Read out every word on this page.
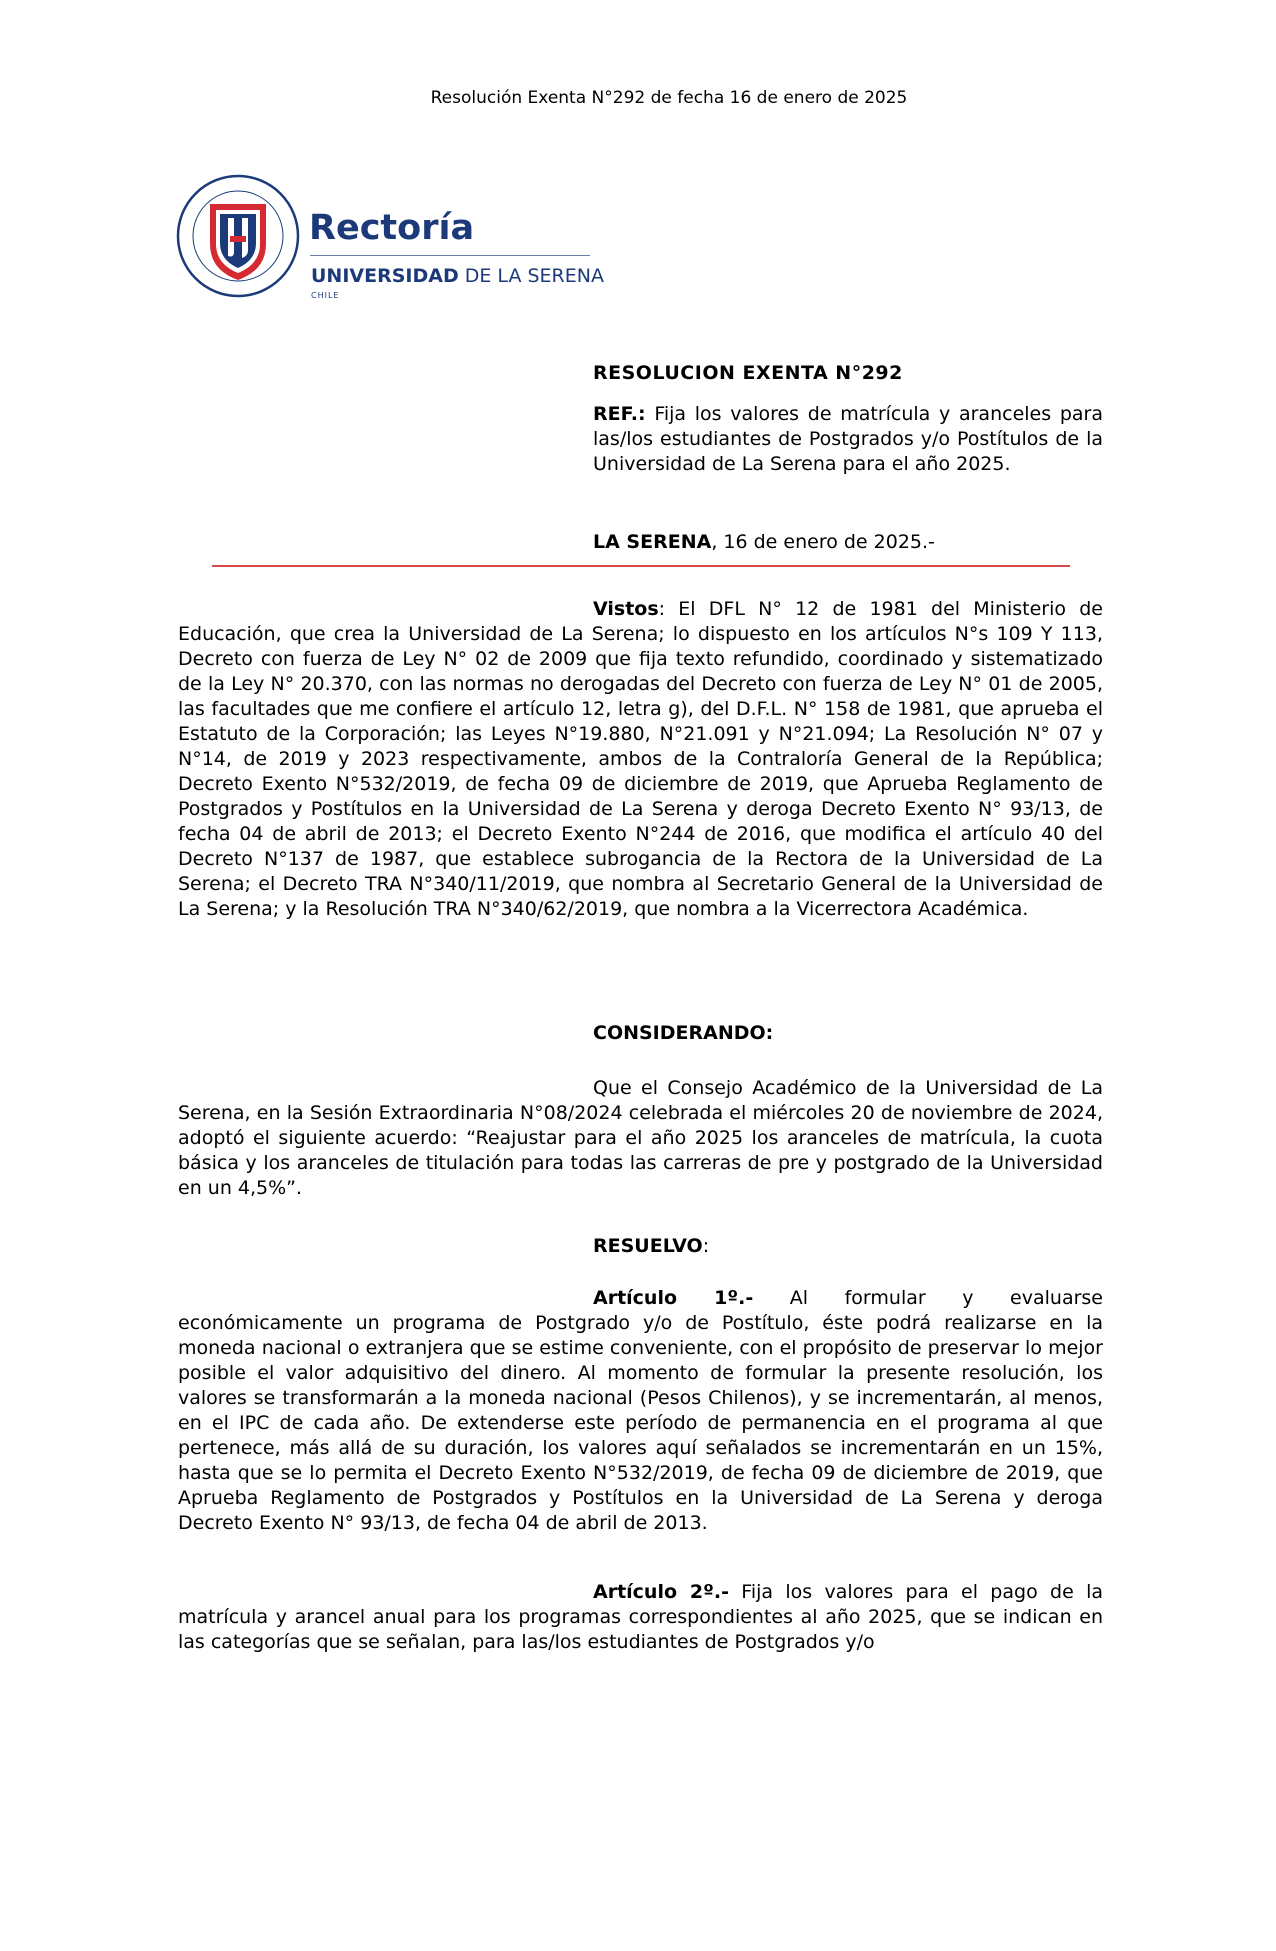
Resolución Exenta N°292 de fecha 16 de enero de 2025
Rectoría
UNIVERSIDAD DE LA SERENA
CHILE
RESOLUCION EXENTA N°292
REF.: Fija los valores de matrícula y aranceles para las/los estudiantes de Postgrados y/o Postítulos de la Universidad de La Serena para el año 2025.
LA SERENA, 16 de enero de 2025.-
Vistos: El DFL N° 12 de 1981 del Ministerio de Educación, que crea la Universidad de La Serena; lo dispuesto en los artículos N°s 109 Y 113, Decreto con fuerza de Ley N° 02 de 2009 que fija texto refundido, coordinado y sistematizado de la Ley N° 20.370, con las normas no derogadas del Decreto con fuerza de Ley N° 01 de 2005, las facultades que me confiere el artículo 12, letra g), del D.F.L. N° 158 de 1981, que aprueba el Estatuto de la Corporación; las Leyes N°19.880, N°21.091 y N°21.094; La Resolución N° 07 y N°14, de 2019 y 2023 respectivamente, ambos de la Contraloría General de la República; Decreto Exento N°532/2019, de fecha 09 de diciembre de 2019, que Aprueba Reglamento de Postgrados y Postítulos en la Universidad de La Serena y deroga Decreto Exento N° 93/13, de fecha 04 de abril de 2013; el Decreto Exento N°244 de 2016, que modifica el artículo 40 del Decreto N°137 de 1987, que establece subrogancia de la Rectora de la Universidad de La Serena; el Decreto TRA N°340/11/2019, que nombra al Secretario General de la Universidad de La Serena; y la Resolución TRA N°340/62/2019, que nombra a la Vicerrectora Académica.
CONSIDERANDO:
Que el Consejo Académico de la Universidad de La Serena, en la Sesión Extraordinaria N°08/2024 celebrada el miércoles 20 de noviembre de 2024, adoptó el siguiente acuerdo: “Reajustar para el año 2025 los aranceles de matrícula, la cuota básica y los aranceles de titulación para todas las carreras de pre y postgrado de la Universidad en un 4,5%”.
RESUELVO:
Artículo 1º.- Al formular y evaluarse económicamente un programa de Postgrado y/o de Postítulo, éste podrá realizarse en la moneda nacional o extranjera que se estime conveniente, con el propósito de preservar lo mejor posible el valor adquisitivo del dinero. Al momento de formular la presente resolución, los valores se transformarán a la moneda nacional (Pesos Chilenos), y se incrementarán, al menos, en el IPC de cada año. De extenderse este período de permanencia en el programa al que pertenece, más allá de su duración, los valores aquí señalados se incrementarán en un 15%, hasta que se lo permita el Decreto Exento N°532/2019, de fecha 09 de diciembre de 2019, que Aprueba Reglamento de Postgrados y Postítulos en la Universidad de La Serena y deroga Decreto Exento N° 93/13, de fecha 04 de abril de 2013.
Artículo 2º.- Fija los valores para el pago de la matrícula y arancel anual para los programas correspondientes al año 2025, que se indican en las categorías que se señalan, para las/los estudiantes de Postgrados y/o
